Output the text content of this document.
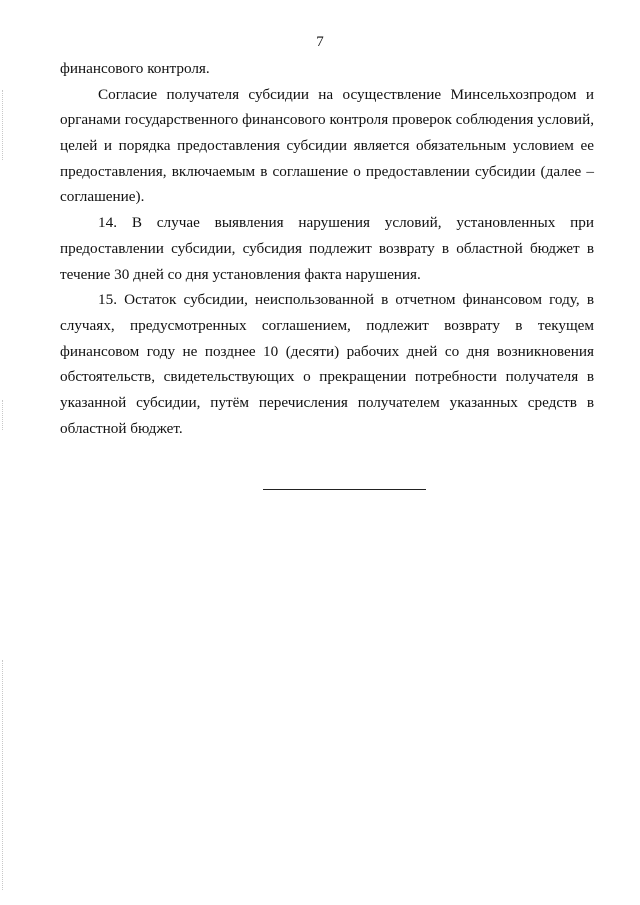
7
финансового контроля.
Согласие получателя субсидии на осуществление Минсельхозпродом и
органами государственного финансового контроля проверок соблюдения условий,
целей и порядка предоставления субсидии является обязательным условием ее
предоставления, включаемым в соглашение о предоставлении субсидии (далее –
соглашение).
14. В случае выявления нарушения условий, установленных при
предоставлении субсидии, субсидия подлежит возврату в областной бюджет в
течение 30 дней со дня установления факта нарушения.
15. Остаток субсидии, неиспользованной в отчетном финансовом году, в
случаях, предусмотренных соглашением, подлежит возврату в текущем
финансовом году не позднее 10 (десяти) рабочих дней со дня возникновения
обстоятельств, свидетельствующих о прекращении потребности получателя в
указанной субсидии, путём перечисления получателем указанных средств в
областной бюджет.
